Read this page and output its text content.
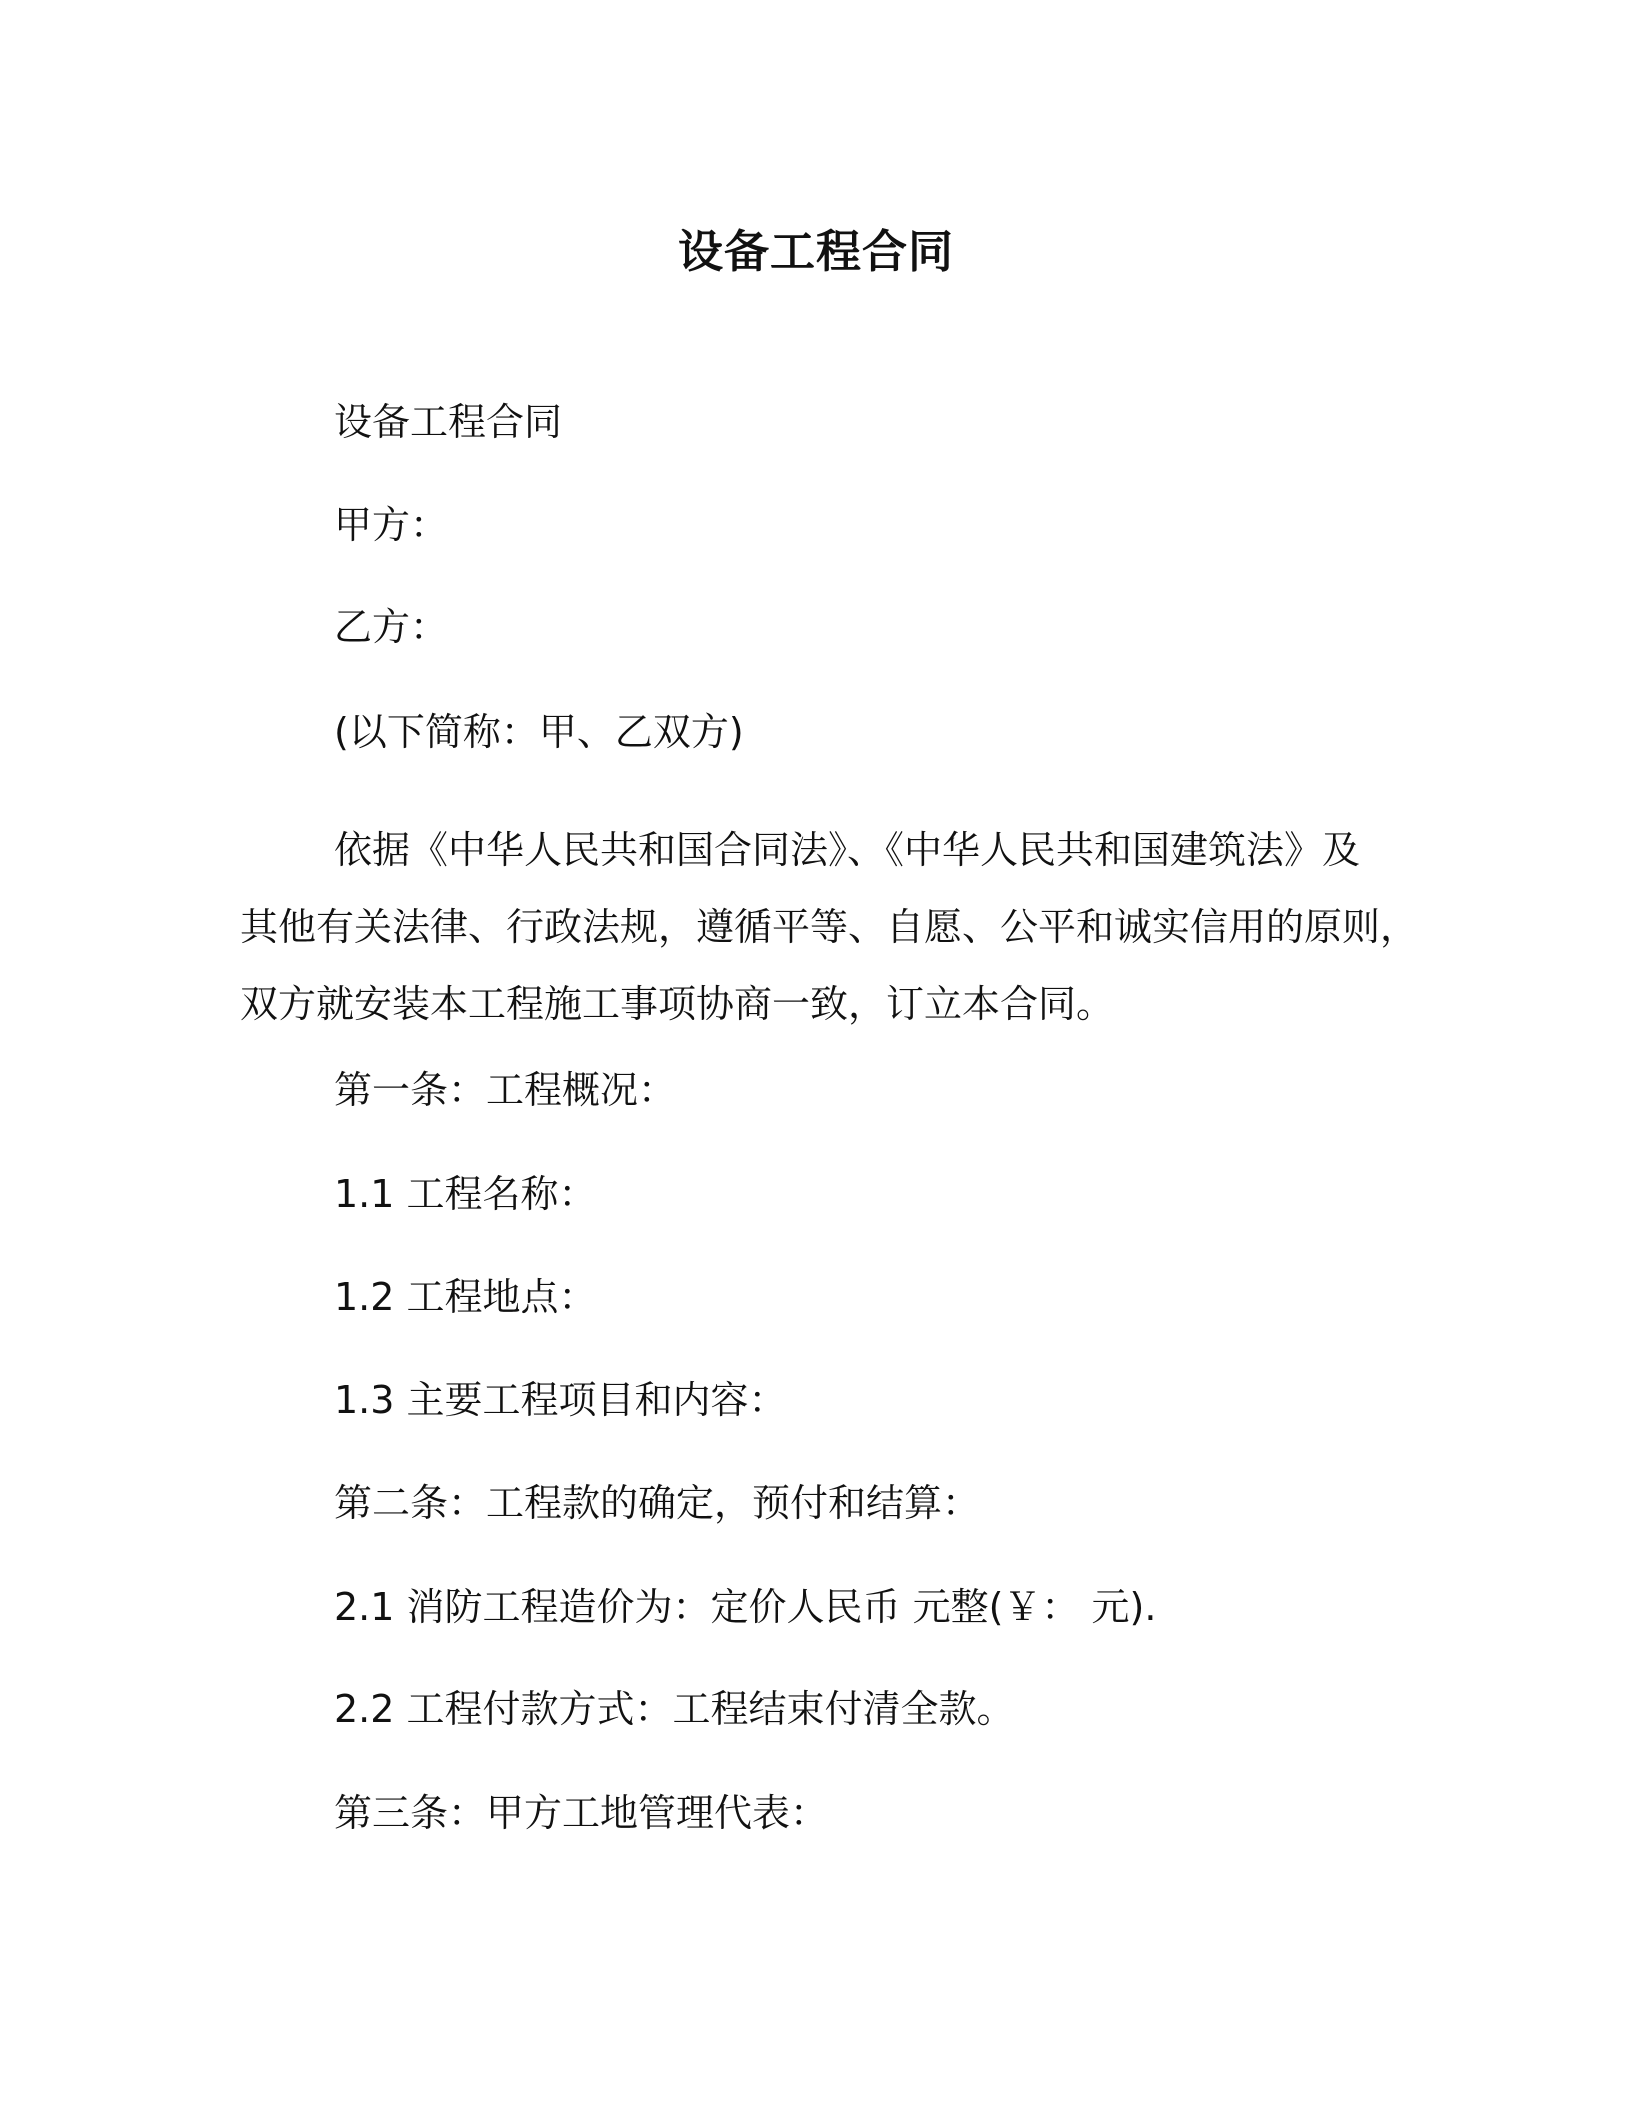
设备工程合同
设备工程合同
甲方：
乙方：
(以下简称：甲、乙双方)
依据《中华人民共和国合同法》、《中华人民共和国建筑法》及
其他有关法律、行政法规，遵循平等、自愿、公平和诚实信用的原则，
双方就安装本工程施工事项协商一致，订立本合同。
第一条：工程概况：
1.1 工程名称：
1.2 工程地点：
1.3 主要工程项目和内容：
第二条：工程款的确定，预付和结算：
2.1 消防工程造价为：定价人民币 元整(￥： 元).
2.2 工程付款方式：工程结束付清全款。
第三条：甲方工地管理代表：
